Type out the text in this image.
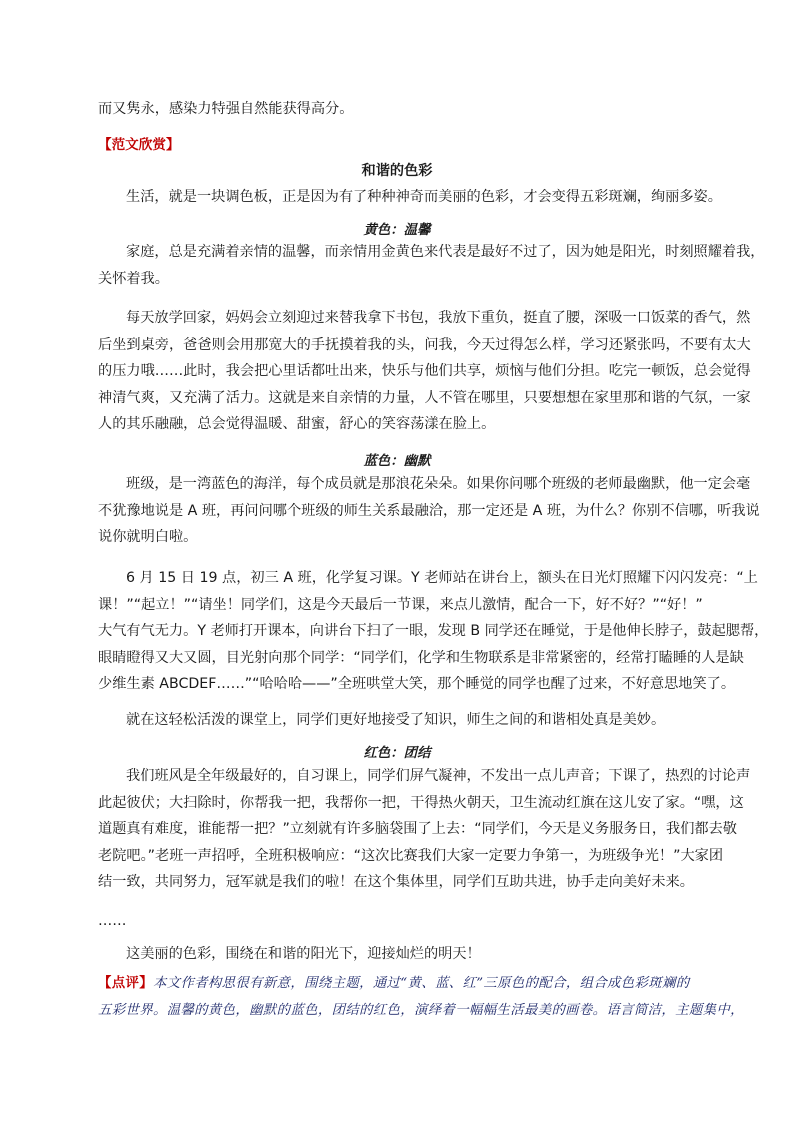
而又隽永，感染力特强自然能获得高分。
【范文欣赏】
和谐的色彩
生活，就是一块调色板，正是因为有了种种神奇而美丽的色彩，才会变得五彩斑斓，绚丽多姿。
黄色：温馨
家庭，总是充满着亲情的温馨，而亲情用金黄色来代表是最好不过了，因为她是阳光，时刻照耀着我，
关怀着我。
每天放学回家，妈妈会立刻迎过来替我拿下书包，我放下重负，挺直了腰，深吸一口饭菜的香气，然
后坐到桌旁，爸爸则会用那宽大的手抚摸着我的头，问我，今天过得怎么样，学习还紧张吗，不要有太大
的压力哦……此时，我会把心里话都吐出来，快乐与他们共享，烦恼与他们分担。吃完一顿饭，总会觉得
神清气爽，又充满了活力。这就是来自亲情的力量，人不管在哪里，只要想想在家里那和谐的气氛，一家
人的其乐融融，总会觉得温暖、甜蜜，舒心的笑容荡漾在脸上。
蓝色：幽默
班级，是一湾蓝色的海洋，每个成员就是那浪花朵朵。如果你问哪个班级的老师最幽默，他一定会毫
不犹豫地说是 A 班，再问问哪个班级的师生关系最融洽，那一定还是 A 班，为什么？你别不信哪，听我说
说你就明白啦。
6 月 15 日 19 点，初三 A 班，化学复习课。Y 老师站在讲台上，额头在日光灯照耀下闪闪发亮：“上
课！”“起立！”“请坐！同学们，这是今天最后一节课，来点儿激情，配合一下，好不好？”“好！”
大气有气无力。Y 老师打开课本，向讲台下扫了一眼，发现 B 同学还在睡觉，于是他伸长脖子，鼓起腮帮，
眼睛瞪得又大又圆，目光射向那个同学：“同学们，化学和生物联系是非常紧密的，经常打瞌睡的人是缺
少维生素 ABCDEF……”“哈哈哈——”全班哄堂大笑，那个睡觉的同学也醒了过来，不好意思地笑了。
就在这轻松活泼的课堂上，同学们更好地接受了知识，师生之间的和谐相处真是美妙。
红色：团结
我们班风是全年级最好的，自习课上，同学们屏气凝神，不发出一点儿声音；下课了，热烈的讨论声
此起彼伏；大扫除时，你帮我一把，我帮你一把，干得热火朝天，卫生流动红旗在这儿安了家。“嘿，这
道题真有难度，谁能帮一把？”立刻就有许多脑袋围了上去：“同学们，今天是义务服务日，我们都去敬
老院吧。”老班一声招呼，全班积极响应：“这次比赛我们大家一定要力争第一，为班级争光！”大家团
结一致，共同努力，冠军就是我们的啦！在这个集体里，同学们互助共进，协手走向美好未来。
……
这美丽的色彩，围绕在和谐的阳光下，迎接灿烂的明天！
【点评】本文作者构思很有新意，围绕主题，通过“黄、蓝、红”三原色的配合，组合成色彩斑斓的
五彩世界。温馨的黄色，幽默的蓝色，团结的红色，演绎着一幅幅生活最美的画卷。语言简洁，主题集中，
